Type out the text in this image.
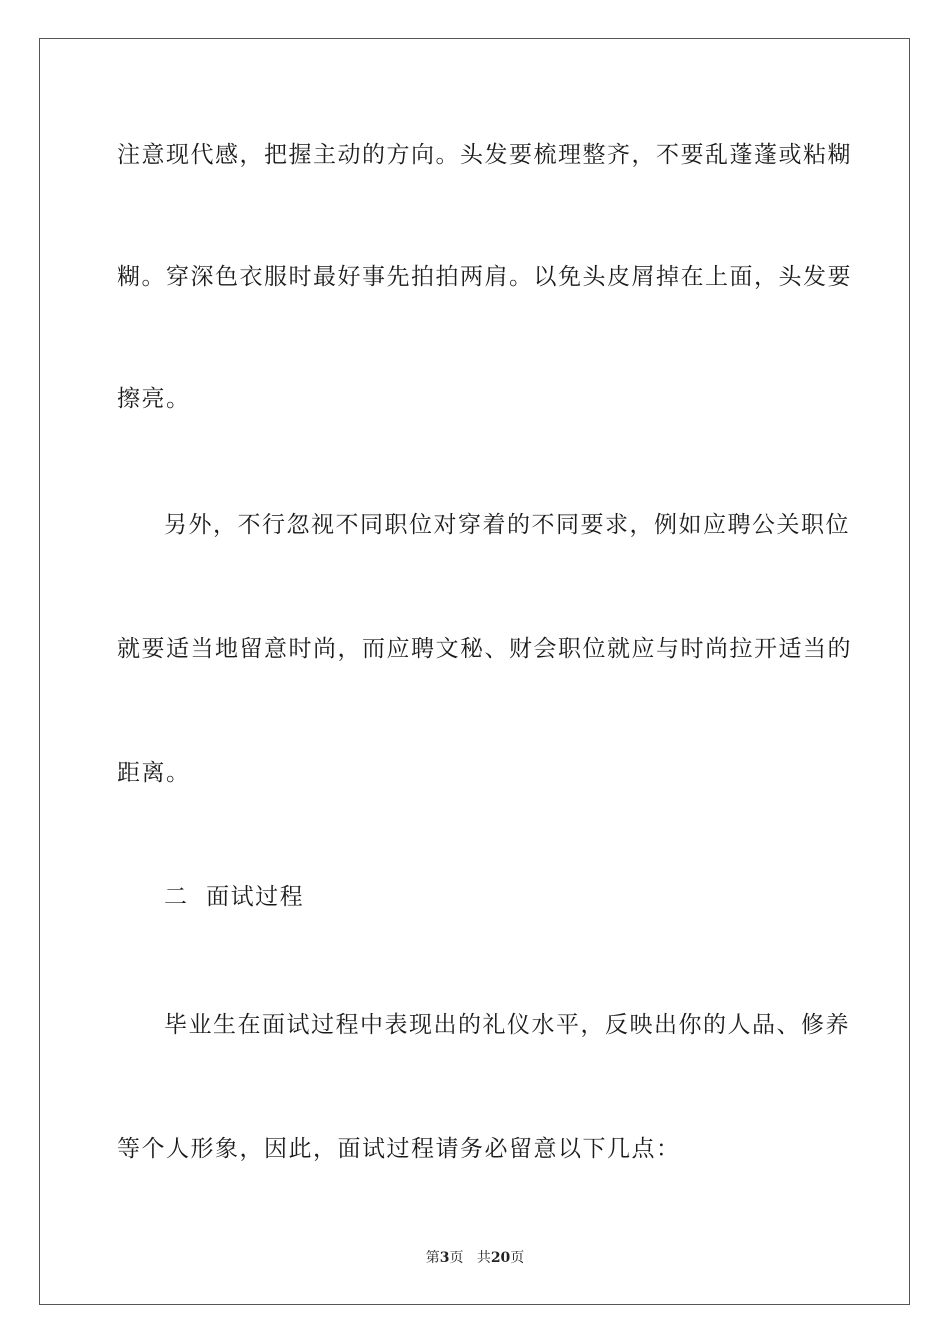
注意现代感，把握主动的方向。头发要梳理整齐，不要乱蓬蓬或粘糊
糊。穿深色衣服时最好事先拍拍两肩。以免头皮屑掉在上面，头发要
擦亮。
另外，不行忽视不同职位对穿着的不同要求，例如应聘公关职位
就要适当地留意时尚，而应聘文秘、财会职位就应与时尚拉开适当的
距离。
二  面试过程
毕业生在面试过程中表现出的礼仪水平，反映出你的人品、修养
等个人形象，因此，面试过程请务必留意以下几点：
第3页 共20页
